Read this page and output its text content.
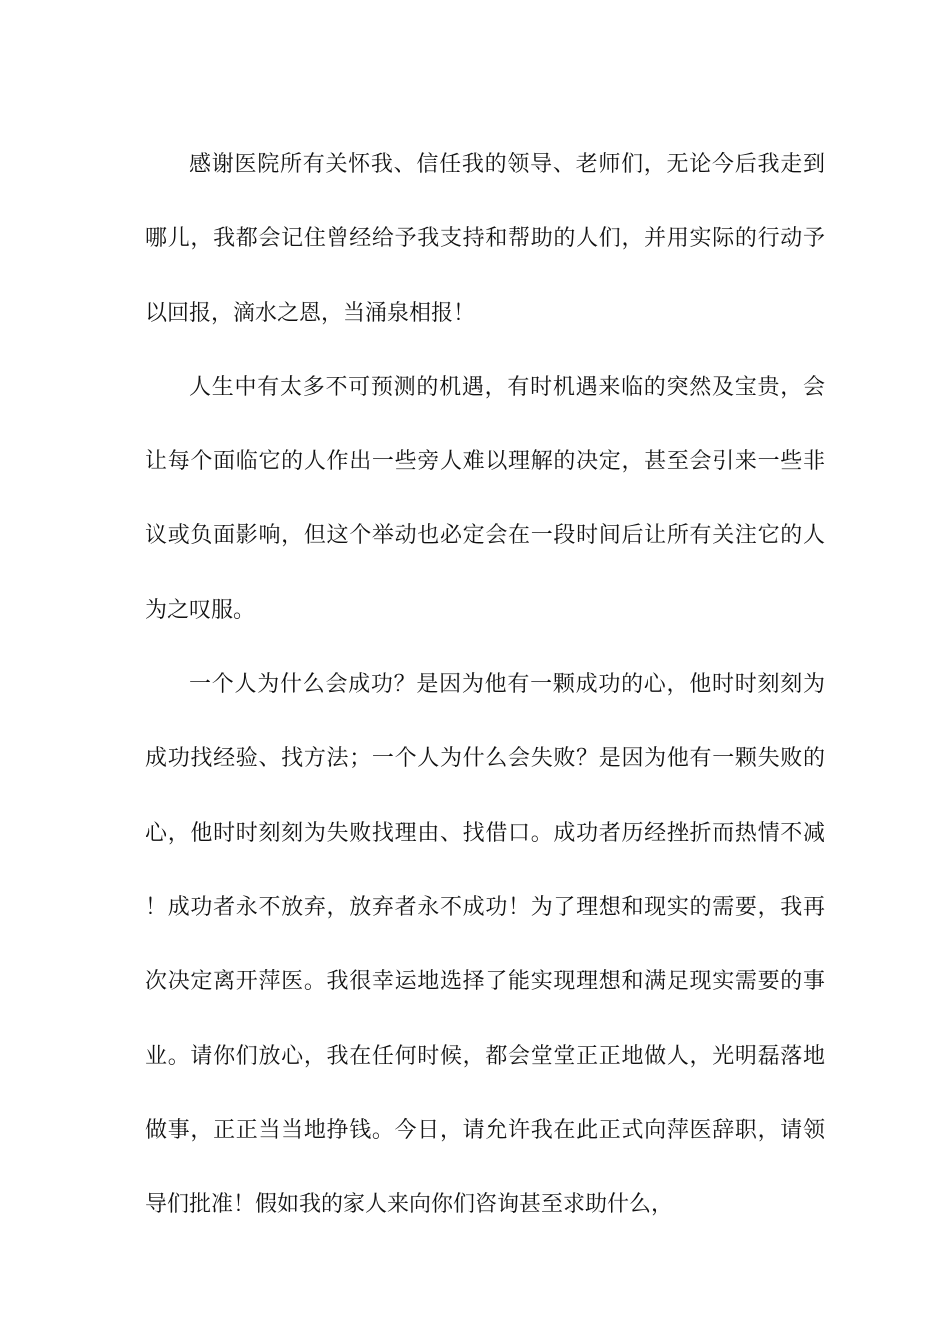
感谢医院所有关怀我、信任我的领导、老师们，无论今后我走到哪儿，我都会记住曾经给予我支持和帮助的人们，并用实际的行动予以回报，滴水之恩，当涌泉相报！

人生中有太多不可预测的机遇，有时机遇来临的突然及宝贵，会让每个面临它的人作出一些旁人难以理解的决定，甚至会引来一些非议或负面影响，但这个举动也必定会在一段时间后让所有关注它的人为之叹服。

一个人为什么会成功？是因为他有一颗成功的心，他时时刻刻为成功找经验、找方法；一个人为什么会失败？是因为他有一颗失败的心，他时时刻刻为失败找理由、找借口。成功者历经挫折而热情不减！成功者永不放弃，放弃者永不成功！为了理想和现实的需要，我再次决定离开萍医。我很幸运地选择了能实现理想和满足现实需要的事业。请你们放心，我在任何时候，都会堂堂正正地做人，光明磊落地做事，正正当当地挣钱。今日，请允许我在此正式向萍医辞职，请领导们批准！假如我的家人来向你们咨询甚至求助什么，
